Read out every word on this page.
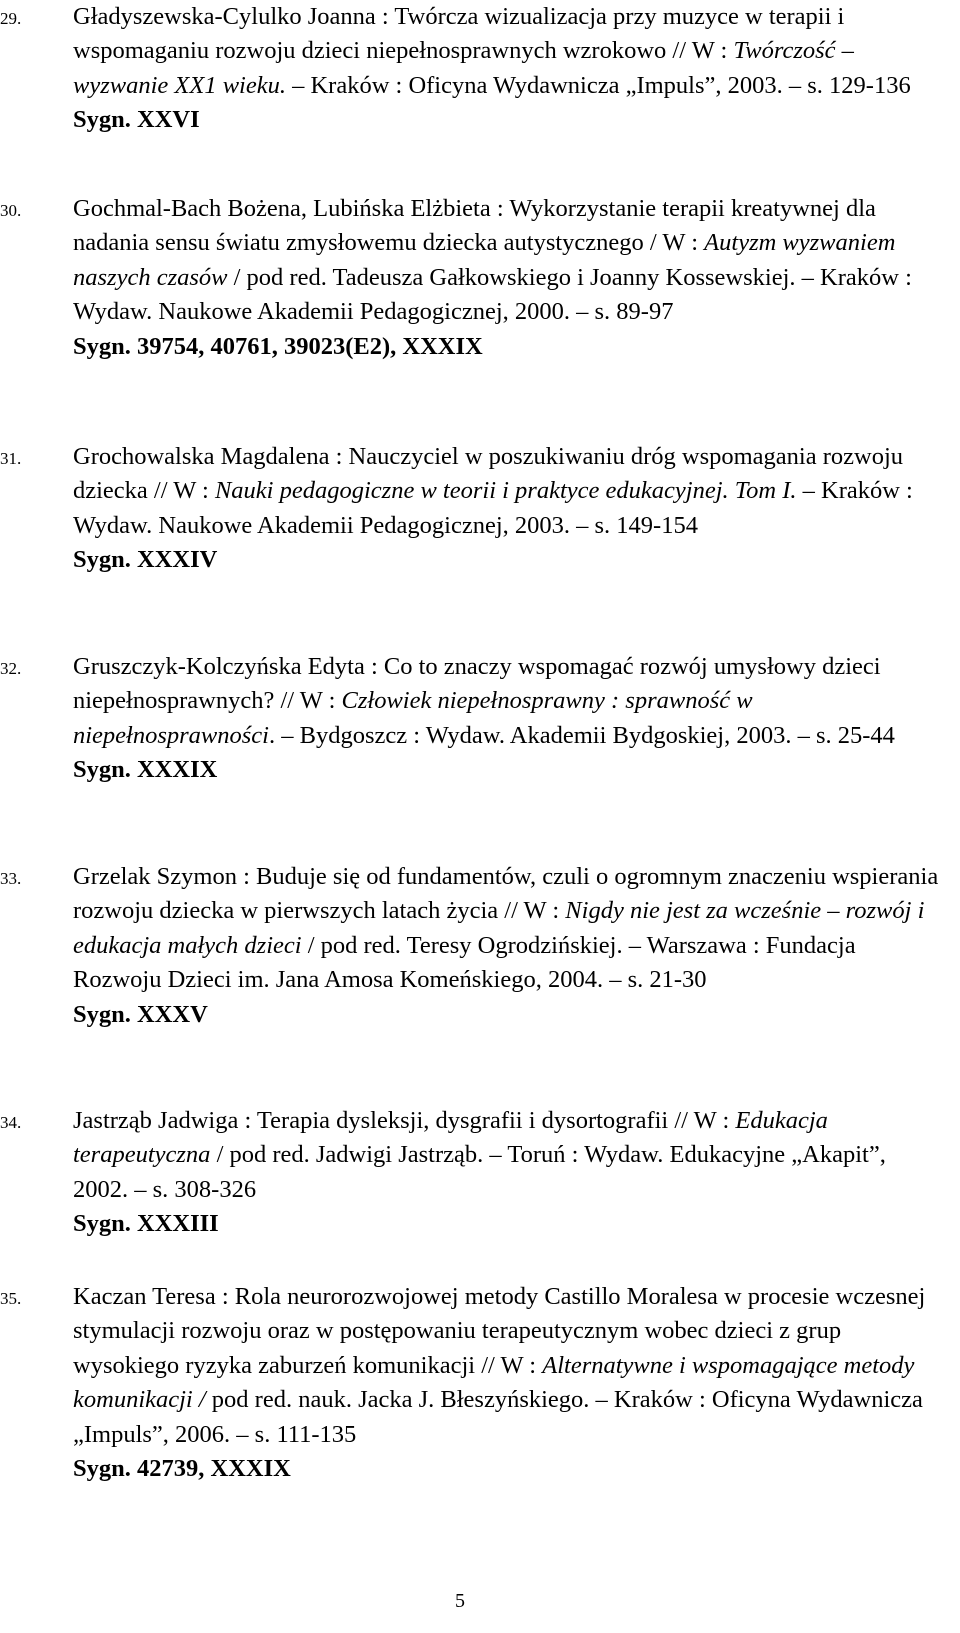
29. Gładyszewska-Cylulko Joanna : Twórcza wizualizacja przy muzyce w terapii i wspomaganiu rozwoju dzieci niepełnosprawnych wzrokowo // W : Twórczość – wyzwanie XX1 wieku. – Kraków : Oficyna Wydawnicza „Impuls”, 2003. – s. 129-136
Sygn. XXVI
30. Gochmal-Bach Bożena, Lubińska Elżbieta : Wykorzystanie terapii kreatywnej dla nadania sensu światu zmysłowemu dziecka autystycznego / W : Autyzm wyzwaniem naszych czasów / pod red. Tadeusza Gałkowskiego i Joanny Kossewskiej. – Kraków : Wydaw. Naukowe Akademii Pedagogicznej, 2000. – s. 89-97
Sygn. 39754, 40761, 39023(E2), XXXIX
31. Grochowalska Magdalena : Nauczyciel w poszukiwaniu dróg wspomagania rozwoju dziecka // W : Nauki pedagogiczne w teorii i praktyce edukacyjnej. Tom I. – Kraków : Wydaw. Naukowe Akademii Pedagogicznej, 2003. – s. 149-154
Sygn. XXXIV
32. Gruszczyk-Kolczyńska Edyta : Co to znaczy wspomagać rozwój umysłowy dzieci niepełnosprawnych? // W : Człowiek niepełnosprawny : sprawność w niepełnosprawności. – Bydgoszcz : Wydaw. Akademii Bydgoskiej, 2003. – s. 25-44
Sygn. XXXIX
33. Grzelak Szymon : Buduje się od fundamentów, czuli o ogromnym znaczeniu wspierania rozwoju dziecka w pierwszych latach życia // W : Nigdy nie jest za wcześnie – rozwój i edukacja małych dzieci / pod red. Teresy Ogrodzińskiej. – Warszawa : Fundacja Rozwoju Dzieci im. Jana Amosa Komeńskiego, 2004. – s. 21-30
Sygn. XXXV
34. Jastrząb Jadwiga : Terapia dysleksji, dysgrafii i dysortografii // W : Edukacja terapeutyczna / pod red. Jadwigi Jastrząb. – Toruń : Wydaw. Edukacyjne „Akapit”, 2002. – s. 308-326
Sygn. XXXIII
35. Kaczan Teresa : Rola neurorozwojowej metody Castillo Moralesa w procesie wczesnej stymulacji rozwoju oraz w postępowaniu terapeutycznym wobec dzieci z grup wysokiego ryzyka zaburzeń komunikacji // W : Alternatywne i wspomagające metody komunikacji / pod red. nauk. Jacka J. Błeszyńskiego. – Kraków : Oficyna Wydawnicza „Impuls”, 2006. – s. 111-135
Sygn. 42739, XXXIX
5
